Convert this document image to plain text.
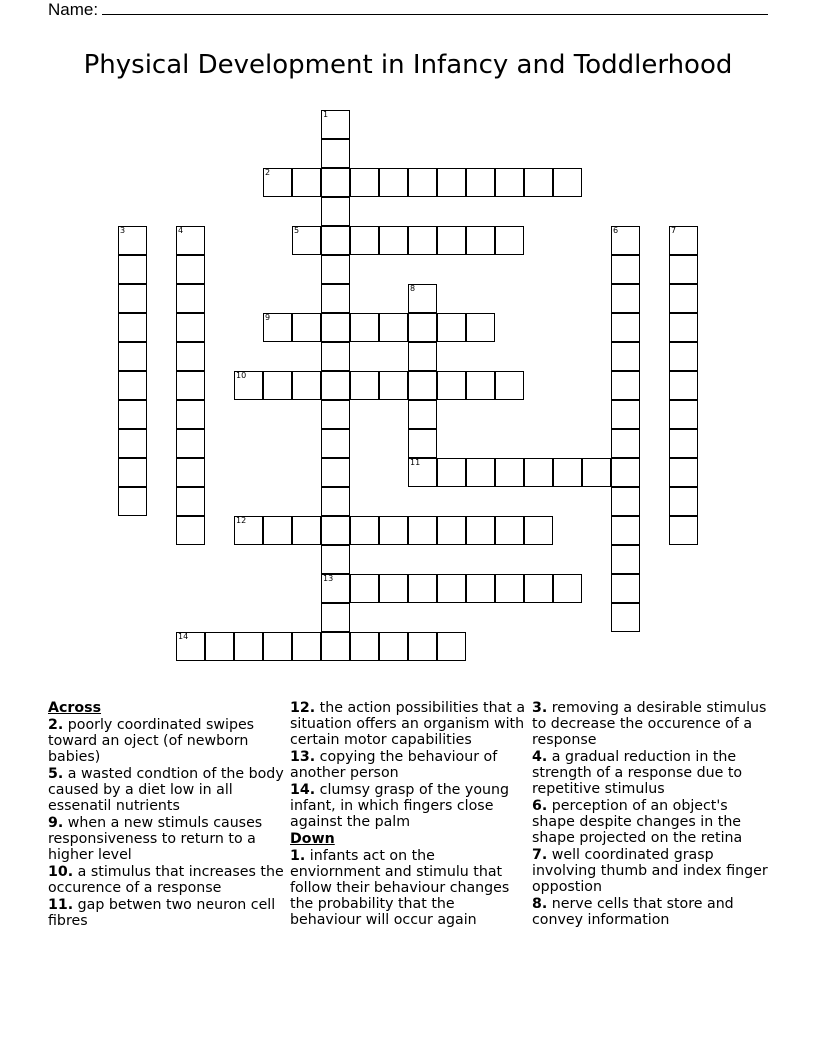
Name:
Physical Development in Infancy and Toddlerhood
1
13
2
3	4	5	6	7
8
11
9
10
12
14
Across
2. poorly coordinated swipes toward an oject (of newborn babies)
5. a wasted condtion of the body caused by a diet low in all essenatil nutrients
9. when a new stimuls causes responsiveness to return to a higher level
10. a stimulus that increases the occurence of a response
11. gap betwen two neuron cell fibres
12. the action possibilities that a situation offers an organism with certain motor capabilities
13. copying the behaviour of another person
14. clumsy grasp of the young infant, in which fingers close against the palm
Down
1. infants act on the enviornment and stimulu that follow their behaviour changes the probability that the behaviour will occur again
3. removing a desirable stimulus to decrease the occurence of a response
4. a gradual reduction in the strength of a response due to repetitive stimulus
6. perception of an object's shape despite changes in the shape projected on the retina
7. well coordinated grasp involving thumb and index finger oppostion
8. nerve cells that store and convey information
